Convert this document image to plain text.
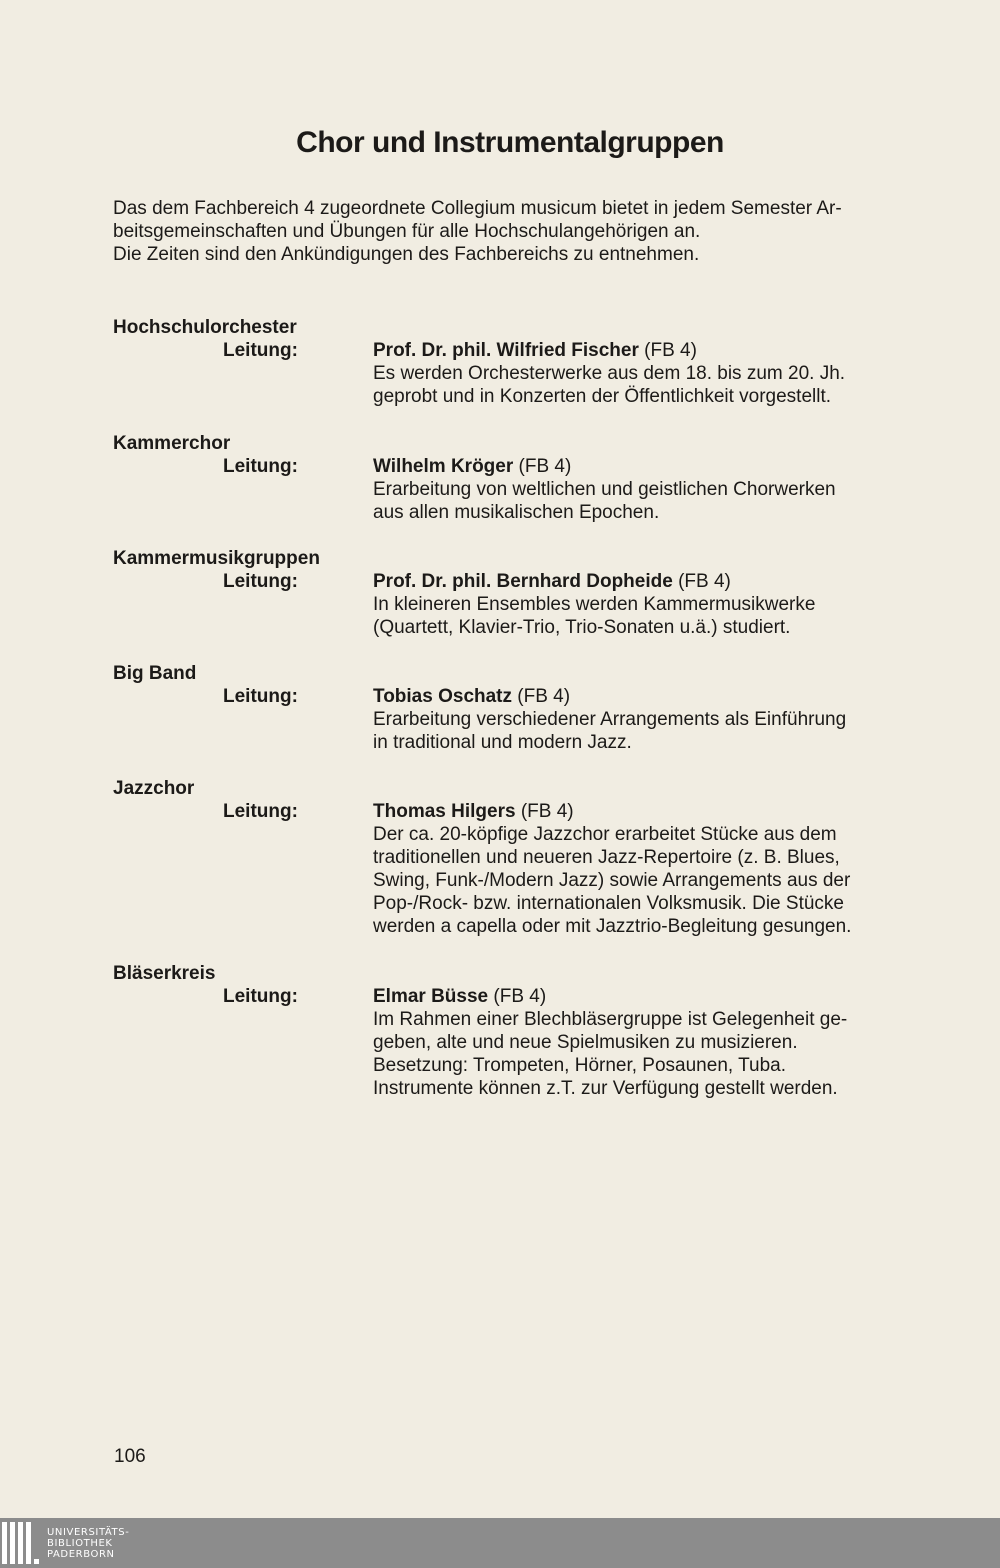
Chor und Instrumentalgruppen

Das dem Fachbereich 4 zugeordnete Collegium musicum bietet in jedem Semester Ar-

beitsgemeinschaften und Übungen für alle Hochschulangehörigen an.

Die Zeiten sind den Ankündigungen des Fachbereichs zu entnehmen.

Hochschulorchester
Leitung:	Prof. Dr. phil. Wilfried Fischer (FB 4)
Es werden Orchesterwerke aus dem 18. bis zum 20. Jh.
geprobt und in Konzerten der Öffentlichkeit vorgestellt.
Kammerchor
Leitung:	Wilhelm Kröger (FB 4)
Erarbeitung von weltlichen und geistlichen Chorwerken
aus allen musikalischen Epochen.
Kammermusikgruppen
Leitung:	Prof. Dr. phil. Bernhard Dopheide (FB 4)
In kleineren Ensembles werden Kammermusikwerke
(Quartett, Klavier-Trio, Trio-Sonaten u.ä.) studiert.
Big Band
Leitung:	Tobias Oschatz (FB 4)
Erarbeitung verschiedener Arrangements als Einführung
in traditional und modern Jazz.
Jazzchor
Leitung:	Thomas Hilgers (FB 4)
Der ca. 20-köpfige Jazzchor erarbeitet Stücke aus dem
traditionellen und neueren Jazz-Repertoire (z. B. Blues,
Swing, Funk-/Modern Jazz) sowie Arrangements aus der
Pop-/Rock- bzw. internationalen Volksmusik. Die Stücke
werden a capella oder mit Jazztrio-Begleitung gesungen.
Bläserkreis
Leitung:	Elmar Büsse (FB 4)
Im Rahmen einer Blechbläsergruppe ist Gelegenheit ge-
geben, alte und neue Spielmusiken zu musizieren.
Besetzung: Trompeten, Hörner, Posaunen, Tuba.
Instrumente können z.T. zur Verfügung gestellt werden.
106
UNIVERSITÄTS-
BIBLIOTHEK
PADERBORN
